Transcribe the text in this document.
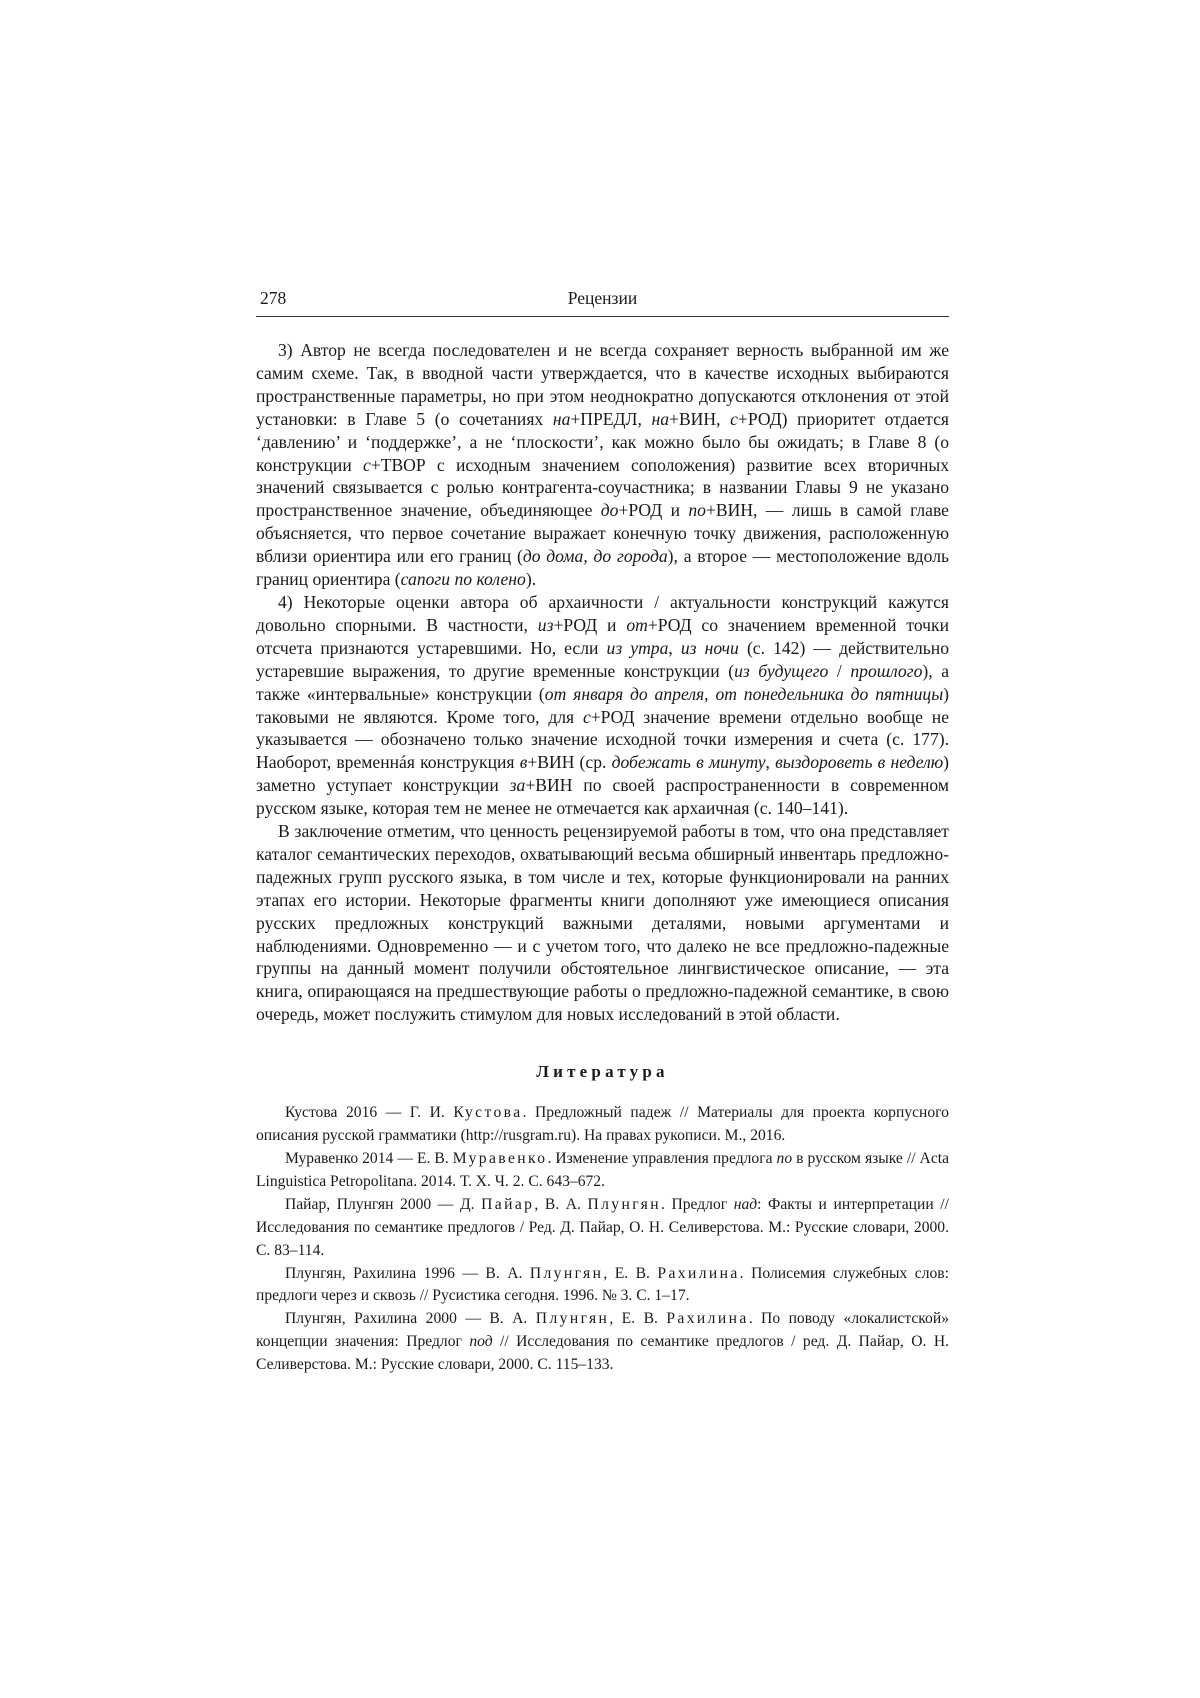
278	Рецензии

3) Автор не всегда последователен и не всегда сохраняет верность выбранной им же самим схеме. Так, в вводной части утверждается, что в качестве исходных выбираются пространственные параметры, но при этом неоднократно допускаются отклонения от этой установки: в Главе 5 (о сочетаниях на+ПРЕДЛ, на+ВИН, с+РОД) приоритет отдается ‘давлению’ и ‘поддержке’, а не ‘плоскости’, как можно было бы ожидать; в Главе 8 (о конструкции с+ТВОР с исходным значением соположения) развитие всех вторичных значений связывается с ролью контрагента-соучастника; в названии Главы 9 не указано пространственное значение, объединяющее до+РОД и по+ВИН, — лишь в самой главе объясняется, что первое сочетание выражает конечную точку движения, расположенную вблизи ориентира или его границ (до дома, до города), а второе — местоположение вдоль границ ориентира (сапоги по колено).

4) Некоторые оценки автора об архаичности / актуальности конструкций кажутся довольно спорными. В частности, из+РОД и от+РОД со значением временной точки отсчета признаются устаревшими. Но, если из утра, из ночи (с. 142) — действительно устаревшие выражения, то другие временные конструкции (из будущего / прошлого), а также «интервальные» конструкции (от января до апреля, от понедельника до пятницы) таковыми не являются. Кроме того, для с+РОД значение времени отдельно вообще не указывается — обозначено только значение исходной точки измерения и счета (с. 177). Наоборот, временнáя конструкция в+ВИН (ср. добежать в минуту, выздороветь в неделю) заметно уступает конструкции за+ВИН по своей распространенности в современном русском языке, которая тем не менее не отмечается как архаичная (с. 140–141).

В заключение отметим, что ценность рецензируемой работы в том, что она представляет каталог семантических переходов, охватывающий весьма обширный инвентарь предложно-падежных групп русского языка, в том числе и тех, которые функционировали на ранних этапах его истории. Некоторые фрагменты книги дополняют уже имеющиеся описания русских предложных конструкций важными деталями, новыми аргументами и наблюдениями. Одновременно — и с учетом того, что далеко не все предложно-падежные группы на данный момент получили обстоятельное лингвистическое описание, — эта книга, опирающаяся на предшествующие работы о предложно-падежной семантике, в свою очередь, может послужить стимулом для новых исследований в этой области.

Литература

Кустова 2016 — Г. И. Кустова. Предложный падеж // Материалы для проекта корпусного описания русской грамматики (http://rusgram.ru). На правах рукописи. М., 2016.

Муравенко 2014 — Е. В. Муравенко. Изменение управления предлога по в русском языке // Acta Linguistica Petropolitana. 2014. Т. X. Ч. 2. С. 643–672.

Пайар, Плунгян 2000 — Д. Пайар, В. А. Плунгян. Предлог над: Факты и интерпретации // Исследования по семантике предлогов / Ред. Д. Пайар, О. Н. Селиверстова. М.: Русские словари, 2000. С. 83–114.

Плунгян, Рахилина 1996 — В. А. Плунгян, Е. В. Рахилина. Полисемия служебных слов: предлоги через и сквозь // Русистика сегодня. 1996. № 3. С. 1–17.

Плунгян, Рахилина 2000 — В. А. Плунгян, Е. В. Рахилина. По поводу «локалистской» концепции значения: Предлог под // Исследования по семантике предлогов / ред. Д. Пайар, О. Н. Селиверстова. М.: Русские словари, 2000. С. 115–133.
